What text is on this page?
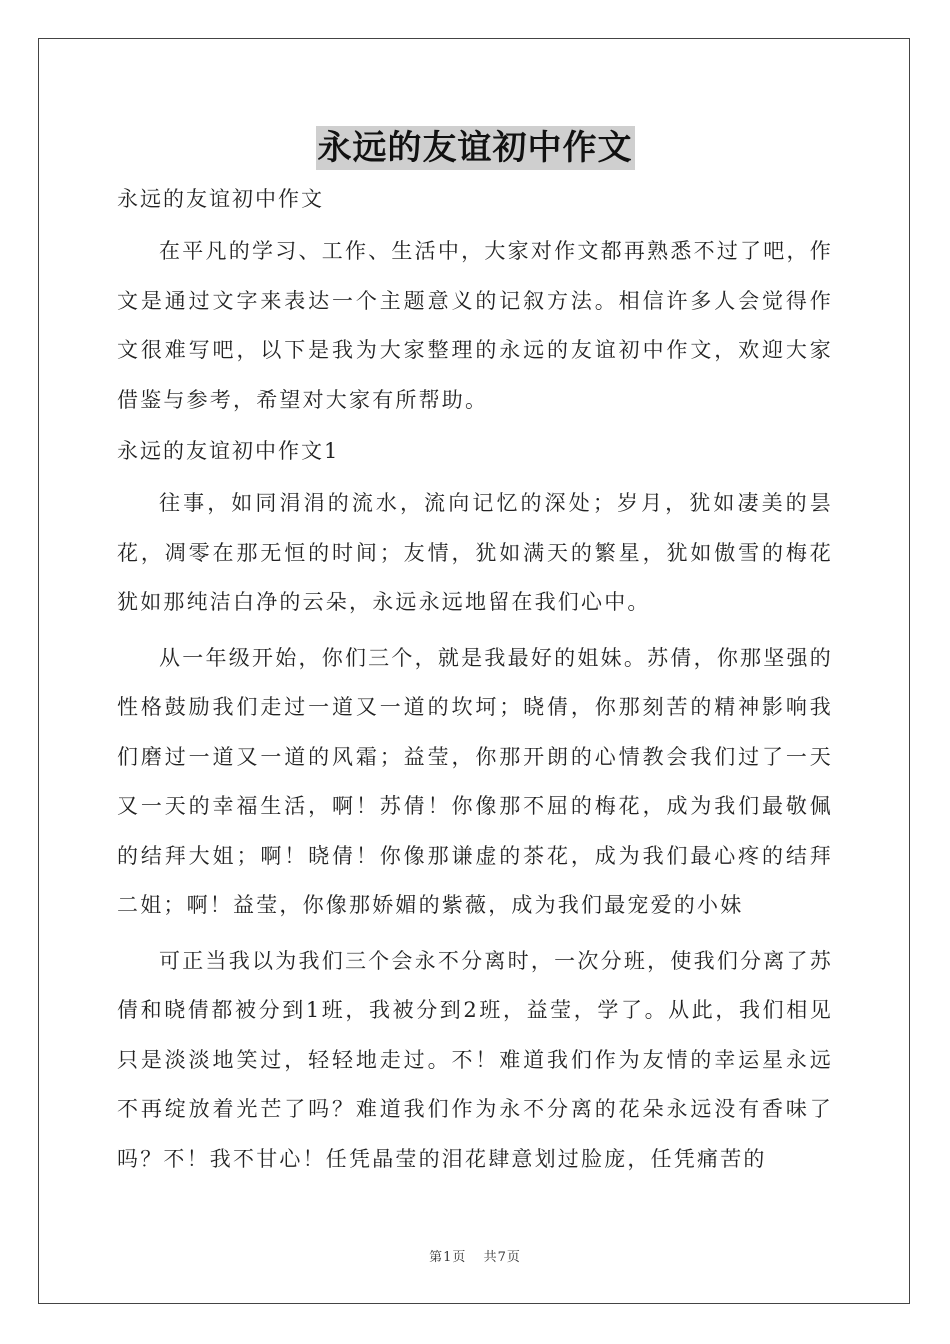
永远的友谊初中作文
永远的友谊初中作文

在平凡的学习、工作、生活中，大家对作文都再熟悉不过了吧，作文是通过文字来表达一个主题意义的记叙方法。相信许多人会觉得作文很难写吧，以下是我为大家整理的永远的友谊初中作文，欢迎大家借鉴与参考，希望对大家有所帮助。

永远的友谊初中作文1

往事，如同涓涓的流水，流向记忆的深处；岁月，犹如凄美的昙花，凋零在那无恒的时间；友情，犹如满天的繁星，犹如傲雪的梅花犹如那纯洁白净的云朵，永远永远地留在我们心中。

从一年级开始，你们三个，就是我最好的姐妹。苏倩，你那坚强的性格鼓励我们走过一道又一道的坎坷；晓倩，你那刻苦的精神影响我们磨过一道又一道的风霜；益莹，你那开朗的心情教会我们过了一天又一天的幸福生活，啊！苏倩！你像那不屈的梅花，成为我们最敬佩的结拜大姐；啊！晓倩！你像那谦虚的茶花，成为我们最心疼的结拜二姐；啊！益莹，你像那娇媚的紫薇，成为我们最宠爱的小妹

可正当我以为我们三个会永不分离时，一次分班，使我们分离了苏倩和晓倩都被分到1班，我被分到2班，益莹，学了。从此，我们相见只是淡淡地笑过，轻轻地走过。不！难道我们作为友情的幸运星永远不再绽放着光芒了吗？难道我们作为永不分离的花朵永远没有香味了吗？不！我不甘心！任凭晶莹的泪花肆意划过脸庞，任凭痛苦的

第1页 共7页
